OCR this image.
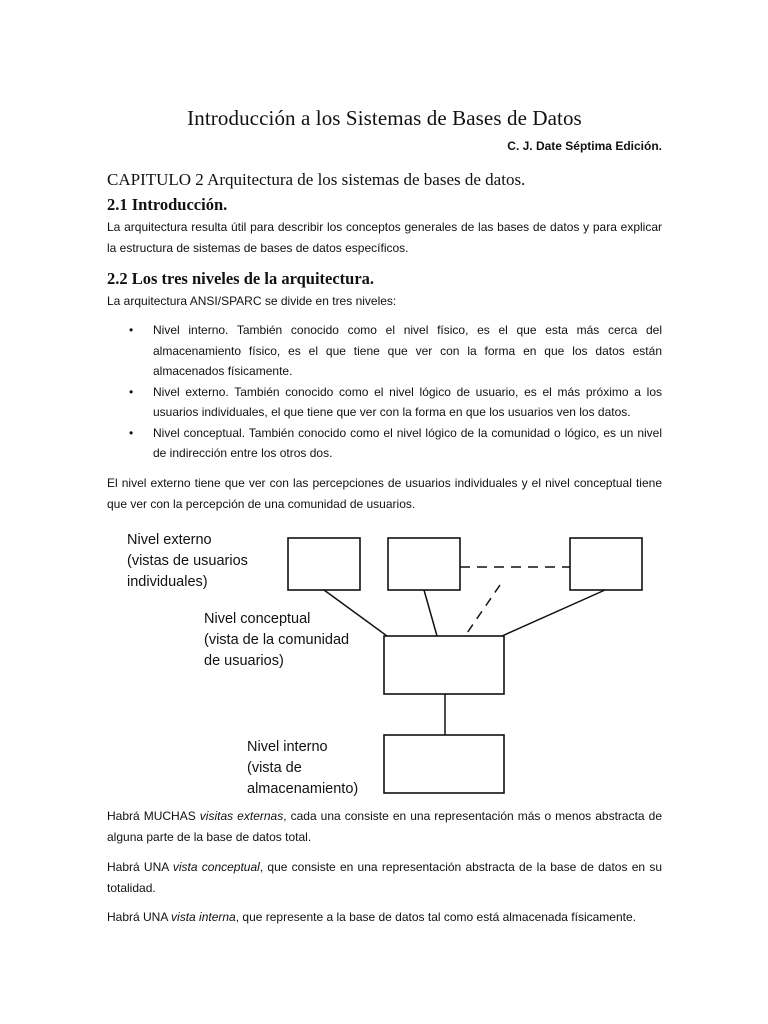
Introducción a los Sistemas de Bases de Datos
C. J. Date Séptima Edición.
CAPITULO 2 Arquitectura de los sistemas de bases de datos.
2.1 Introducción.
La arquitectura resulta útil para describir los conceptos generales de las bases de datos y para explicar la estructura de sistemas de bases de datos específicos.
2.2 Los tres niveles de la arquitectura.
La arquitectura ANSI/SPARC se divide en tres niveles:
• Nivel interno. También conocido como el nivel físico, es el que esta más cerca del almacenamiento físico, es el que tiene que ver con la forma en que los datos están almacenados físicamente.
• Nivel externo. También conocido como el nivel lógico de usuario, es el más próximo a los usuarios individuales, el que tiene que ver con la forma en que los usuarios ven los datos.
• Nivel conceptual. También conocido como el nivel lógico de la comunidad o lógico, es un nivel de indirección entre los otros dos.
El nivel externo tiene que ver con las percepciones de usuarios individuales y el nivel conceptual tiene que ver con la percepción de una comunidad de usuarios.
Nivel externo
(vistas de usuarios
individuales)
Nivel conceptual
(vista de la comunidad
de usuarios)
Nivel interno
(vista de
almacenamiento)
Habrá MUCHAS visitas externas, cada una consiste en una representación más o menos abstracta de alguna parte de la base de datos total.
Habrá UNA vista conceptual, que consiste en una representación abstracta de la base de datos en su totalidad.
Habrá UNA vista interna, que represente a la base de datos tal como está almacenada físicamente.
